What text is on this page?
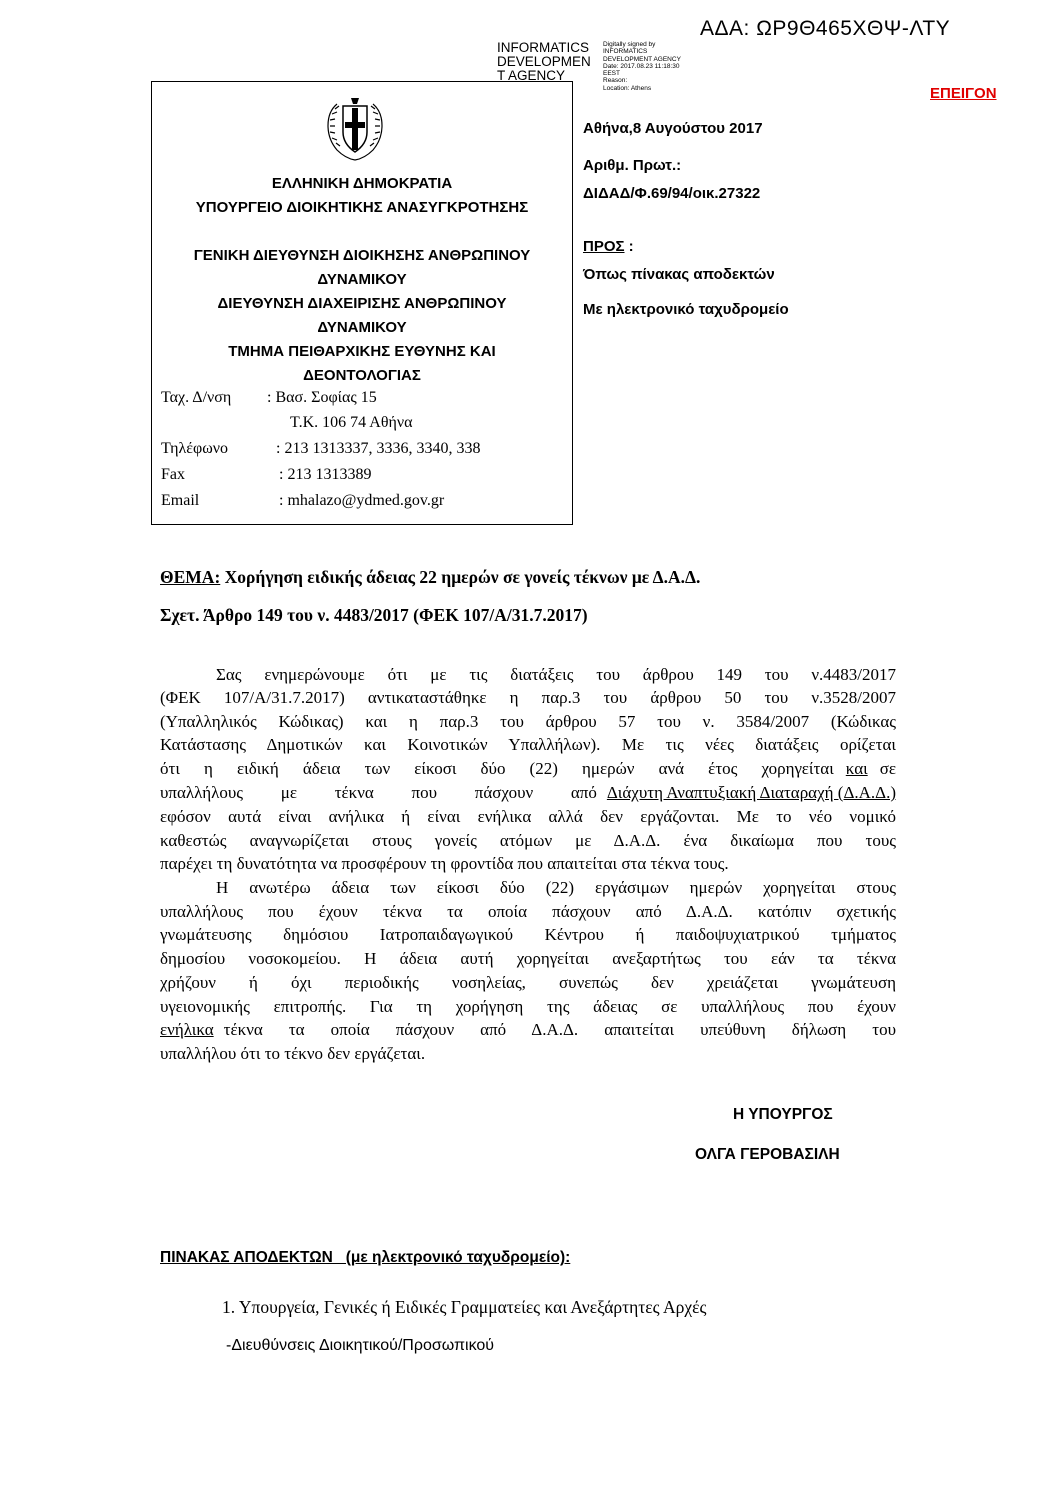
ΑΔΑ: ΩΡ9Θ465ΧΘΨ-ΛΤΥ
INFORMATICS DEVELOPMEN T AGENCY
Digitally signed by
INFORMATICS
DEVELOPMENT AGENCY
Date: 2017.08.23 11:18:30
EEST
Reason:
Location: Athens	ΕΠΕΙΓΟΝ
ΕΛΛΗΝΙΚΗ ΔΗΜΟΚΡΑΤΙΑ
ΥΠΟΥΡΓΕΙΟ ΔΙΟΙΚΗΤΙΚΗΣ ΑΝΑΣΥΓΚΡΟΤΗΣΗΣ
ΓΕΝΙΚΗ ΔΙΕΥΘΥΝΣΗ ΔΙΟΙΚΗΣΗΣ ΑΝΘΡΩΠΙΝΟΥ
ΔΥΝΑΜΙΚΟΥ
ΔΙΕΥΘΥΝΣΗ ΔΙΑΧΕΙΡΙΣΗΣ ΑΝΘΡΩΠΙΝΟΥ
ΔΥΝΑΜΙΚΟΥ
ΤΜΗΜΑ ΠΕΙΘΑΡΧΙΚΗΣ ΕΥΘΥΝΗΣ ΚΑΙ
ΔΕΟΝΤΟΛΟΓΙΑΣ
Ταχ. Δ/νση : Βασ. Σοφίας 15
Τ.Κ. 106 74 Αθήνα
Τηλέφωνο	: 213 1313337, 3336, 3340, 338
Fax	: 213 1313389
Email	: mhalazo@ydmed.gov.gr
Αθήνα,8 Αυγούστου 2017
Αριθμ. Πρωτ.:
ΔΙΔΑΔ/Φ.69/94/οικ.27322
ΠΡΟΣ :
Όπως πίνακας αποδεκτών
Με ηλεκτρονικό ταχυδρομείο
ΘΕΜΑ: Χορήγηση ειδικής άδειας 22 ημερών σε γονείς τέκνων με Δ.Α.Δ.
Σχετ. Άρθρο 149 του ν. 4483/2017 (ΦΕΚ 107/Α/31.7.2017)
Σας ενημερώνουμε ότι με τις διατάξεις του άρθρου 149 του ν.4483/2017
(ΦΕΚ 107/Α/31.7.2017) αντικαταστάθηκε η παρ.3 του άρθρου 50 του ν.3528/2007
(Υπαλληλικός Κώδικας) και η παρ.3 του άρθρου 57 του ν. 3584/2007 (Κώδικας
Κατάστασης Δημοτικών και Κοινοτικών Υπαλλήλων). Με τις νέες διατάξεις ορίζεται
ότι η ειδική άδεια των είκοσι δύο (22) ημερών ανά έτος χορηγείται και σε
υπαλλήλους με τέκνα που πάσχουν από Διάχυτη Αναπτυξιακή Διαταραχή (Δ.Α.Δ.)
εφόσον αυτά είναι ανήλικα ή είναι ενήλικα αλλά δεν εργάζονται. Με το νέο νομικό
καθεστώς αναγνωρίζεται στους γονείς ατόμων με Δ.Α.Δ. ένα δικαίωμα που τους
παρέχει τη δυνατότητα να προσφέρουν τη φροντίδα που απαιτείται στα τέκνα τους.
Η ανωτέρω άδεια των είκοσι δύο (22) εργάσιμων ημερών χορηγείται στους
υπαλλήλους που έχουν τέκνα τα οποία πάσχουν από Δ.Α.Δ. κατόπιν σχετικής
γνωμάτευσης δημόσιου Ιατροπαιδαγωγικού Κέντρου ή παιδοψυχιατρικού τμήματος
δημοσίου νοσοκομείου. Η άδεια αυτή χορηγείται ανεξαρτήτως του εάν τα τέκνα
χρήζουν ή όχι περιοδικής νοσηλείας, συνεπώς δεν χρειάζεται γνωμάτευση
υγειονομικής επιτροπής. Για τη χορήγηση της άδειας σε υπαλλήλους που έχουν
ενήλικα τέκνα τα οποία πάσχουν από Δ.Α.Δ. απαιτείται υπεύθυνη δήλωση του
υπαλλήλου ότι το τέκνο δεν εργάζεται.
Η ΥΠΟΥΡΓΟΣ
ΟΛΓΑ ΓΕΡΟΒΑΣΙΛΗ
ΠΙΝΑΚΑΣ ΑΠΟΔΕΚΤΩΝ   (με ηλεκτρονικό ταχυδρομείο):
1. Υπουργεία, Γενικές ή Ειδικές Γραμματείες και Ανεξάρτητες Αρχές
-Διευθύνσεις Διοικητικού/Προσωπικού
